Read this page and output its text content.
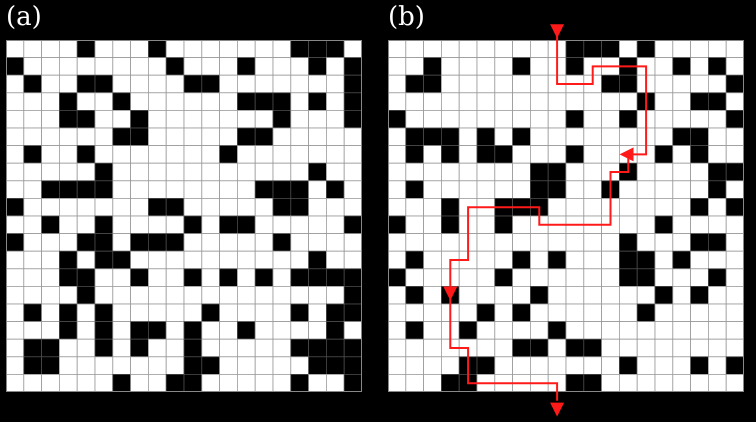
(a)	(b)
